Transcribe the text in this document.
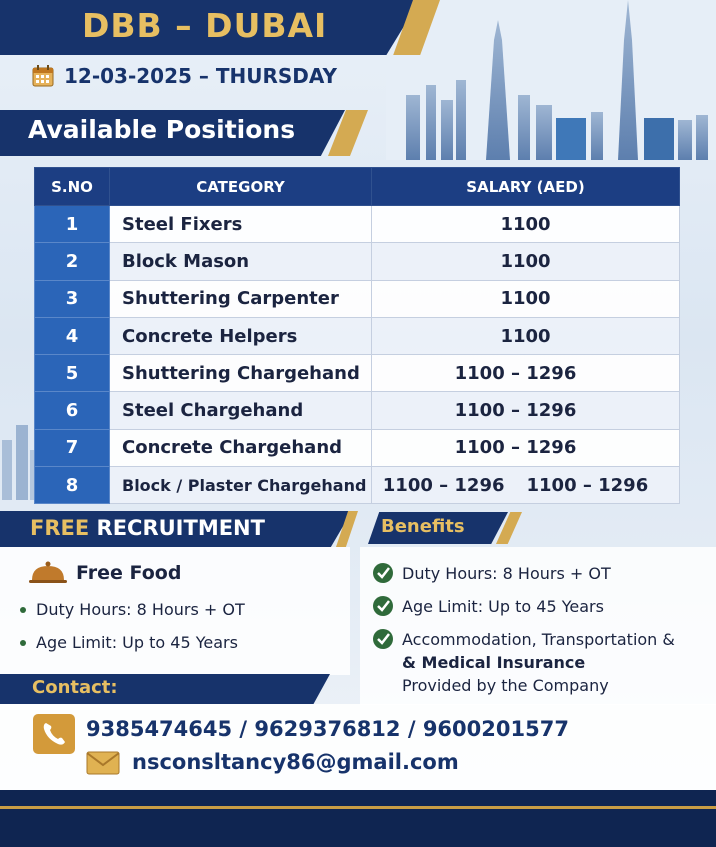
DBB – DUBAI
12-03-2025 – THURSDAY
Available Positions
S.NO	CATEGORY	SALARY (AED)
1	Steel Fixers	1100
2	Block Mason	1100
3	Shuttering Carpenter	1100
4	Concrete Helpers	1100
5	Shuttering Chargehand	1100 – 1296
6	Steel Chargehand	1100 – 1296
7	Concrete Chargehand	1100 – 1296
8	Block / Plaster Chargehand	1100 – 1296 1100 – 1296
FREE RECRUITMENT
Free Food
Duty Hours: 8 Hours + OT
Age Limit: Up to 45 Years
Benefits
Duty Hours: 8 Hours + OT
Age Limit: Up to 45 Years
Accommodation, Transportation &
& Medical Insurance
Provided by the Company
Contact:
9385474645 / 9629376812 / 9600201577
nsconsltancy86@gmail.com
